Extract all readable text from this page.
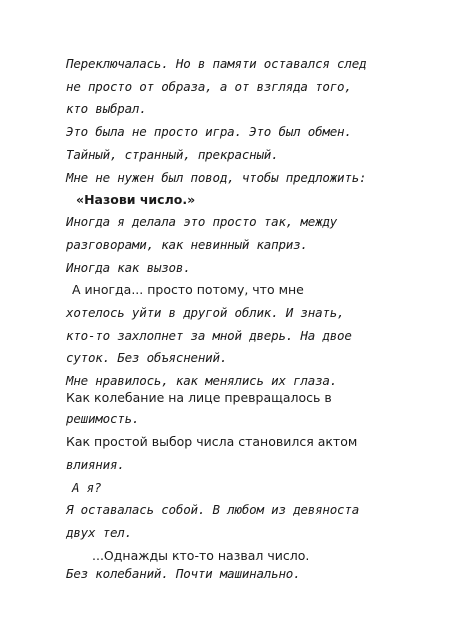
Переключалась. Но в памяти оставался след
не просто от образа, а от взгляда того,
кто выбрал.
Это была не просто игра. Это был обмен.
Тайный, странный, прекрасный.
Мне не нужен был повод, чтобы предложить:
«Назови число.»
Иногда я делала это просто так, между
разговорами, как невинный каприз.
Иногда как вызов.
А иногда... просто потому, что мне
хотелось уйти в другой облик. И знать,
кто-то захлопнет за мной дверь. На двое
суток. Без объяснений.
Мне нравилось, как менялись их глаза.
Как колебание на лице превращалось в
решимость.
Как простой выбор числа становился актом
влияния.
А я?
Я оставалась собой. В любом из девяноста
двух тел.
...Однажды кто-то назвал число.
Без колебаний. Почти машинально.
